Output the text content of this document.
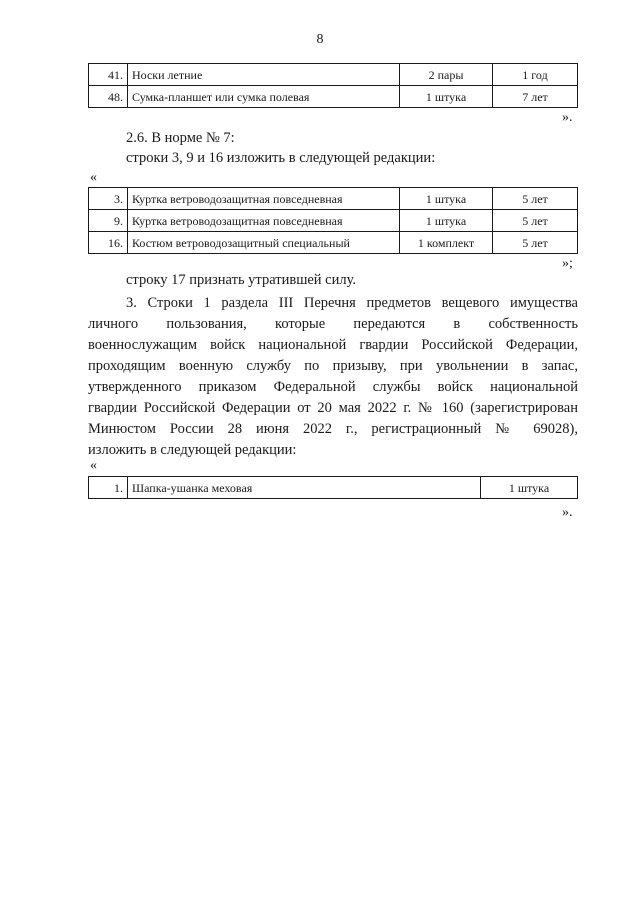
8
41.	Носки летние	2 пары	1 год
48.	Сумка-планшет или сумка полевая	1 штука	7 лет
».
2.6. В норме № 7:
строки 3, 9 и 16 изложить в следующей редакции:
«
3.	Куртка ветроводозащитная повседневная	1 штука	5 лет
9.	Куртка ветроводозащитная повседневная	1 штука	5 лет
16.	Костюм ветроводозащитный специальный	1 комплект	5 лет
»;
строку 17 признать утратившей силу.
3. Строки 1 раздела III Перечня предметов вещевого имущества
личного пользования, которые передаются в собственность
военнослужащим войск национальной гвардии Российской Федерации,
проходящим военную службу по призыву, при увольнении в запас,
утвержденного приказом Федеральной службы войск национальной
гвардии Российской Федерации от 20 мая 2022 г. № 160 (зарегистрирован
Минюстом России 28 июня 2022 г., регистрационный № 69028),
изложить в следующей редакции:
«
1.	Шапка-ушанка меховая	1 штука
».
